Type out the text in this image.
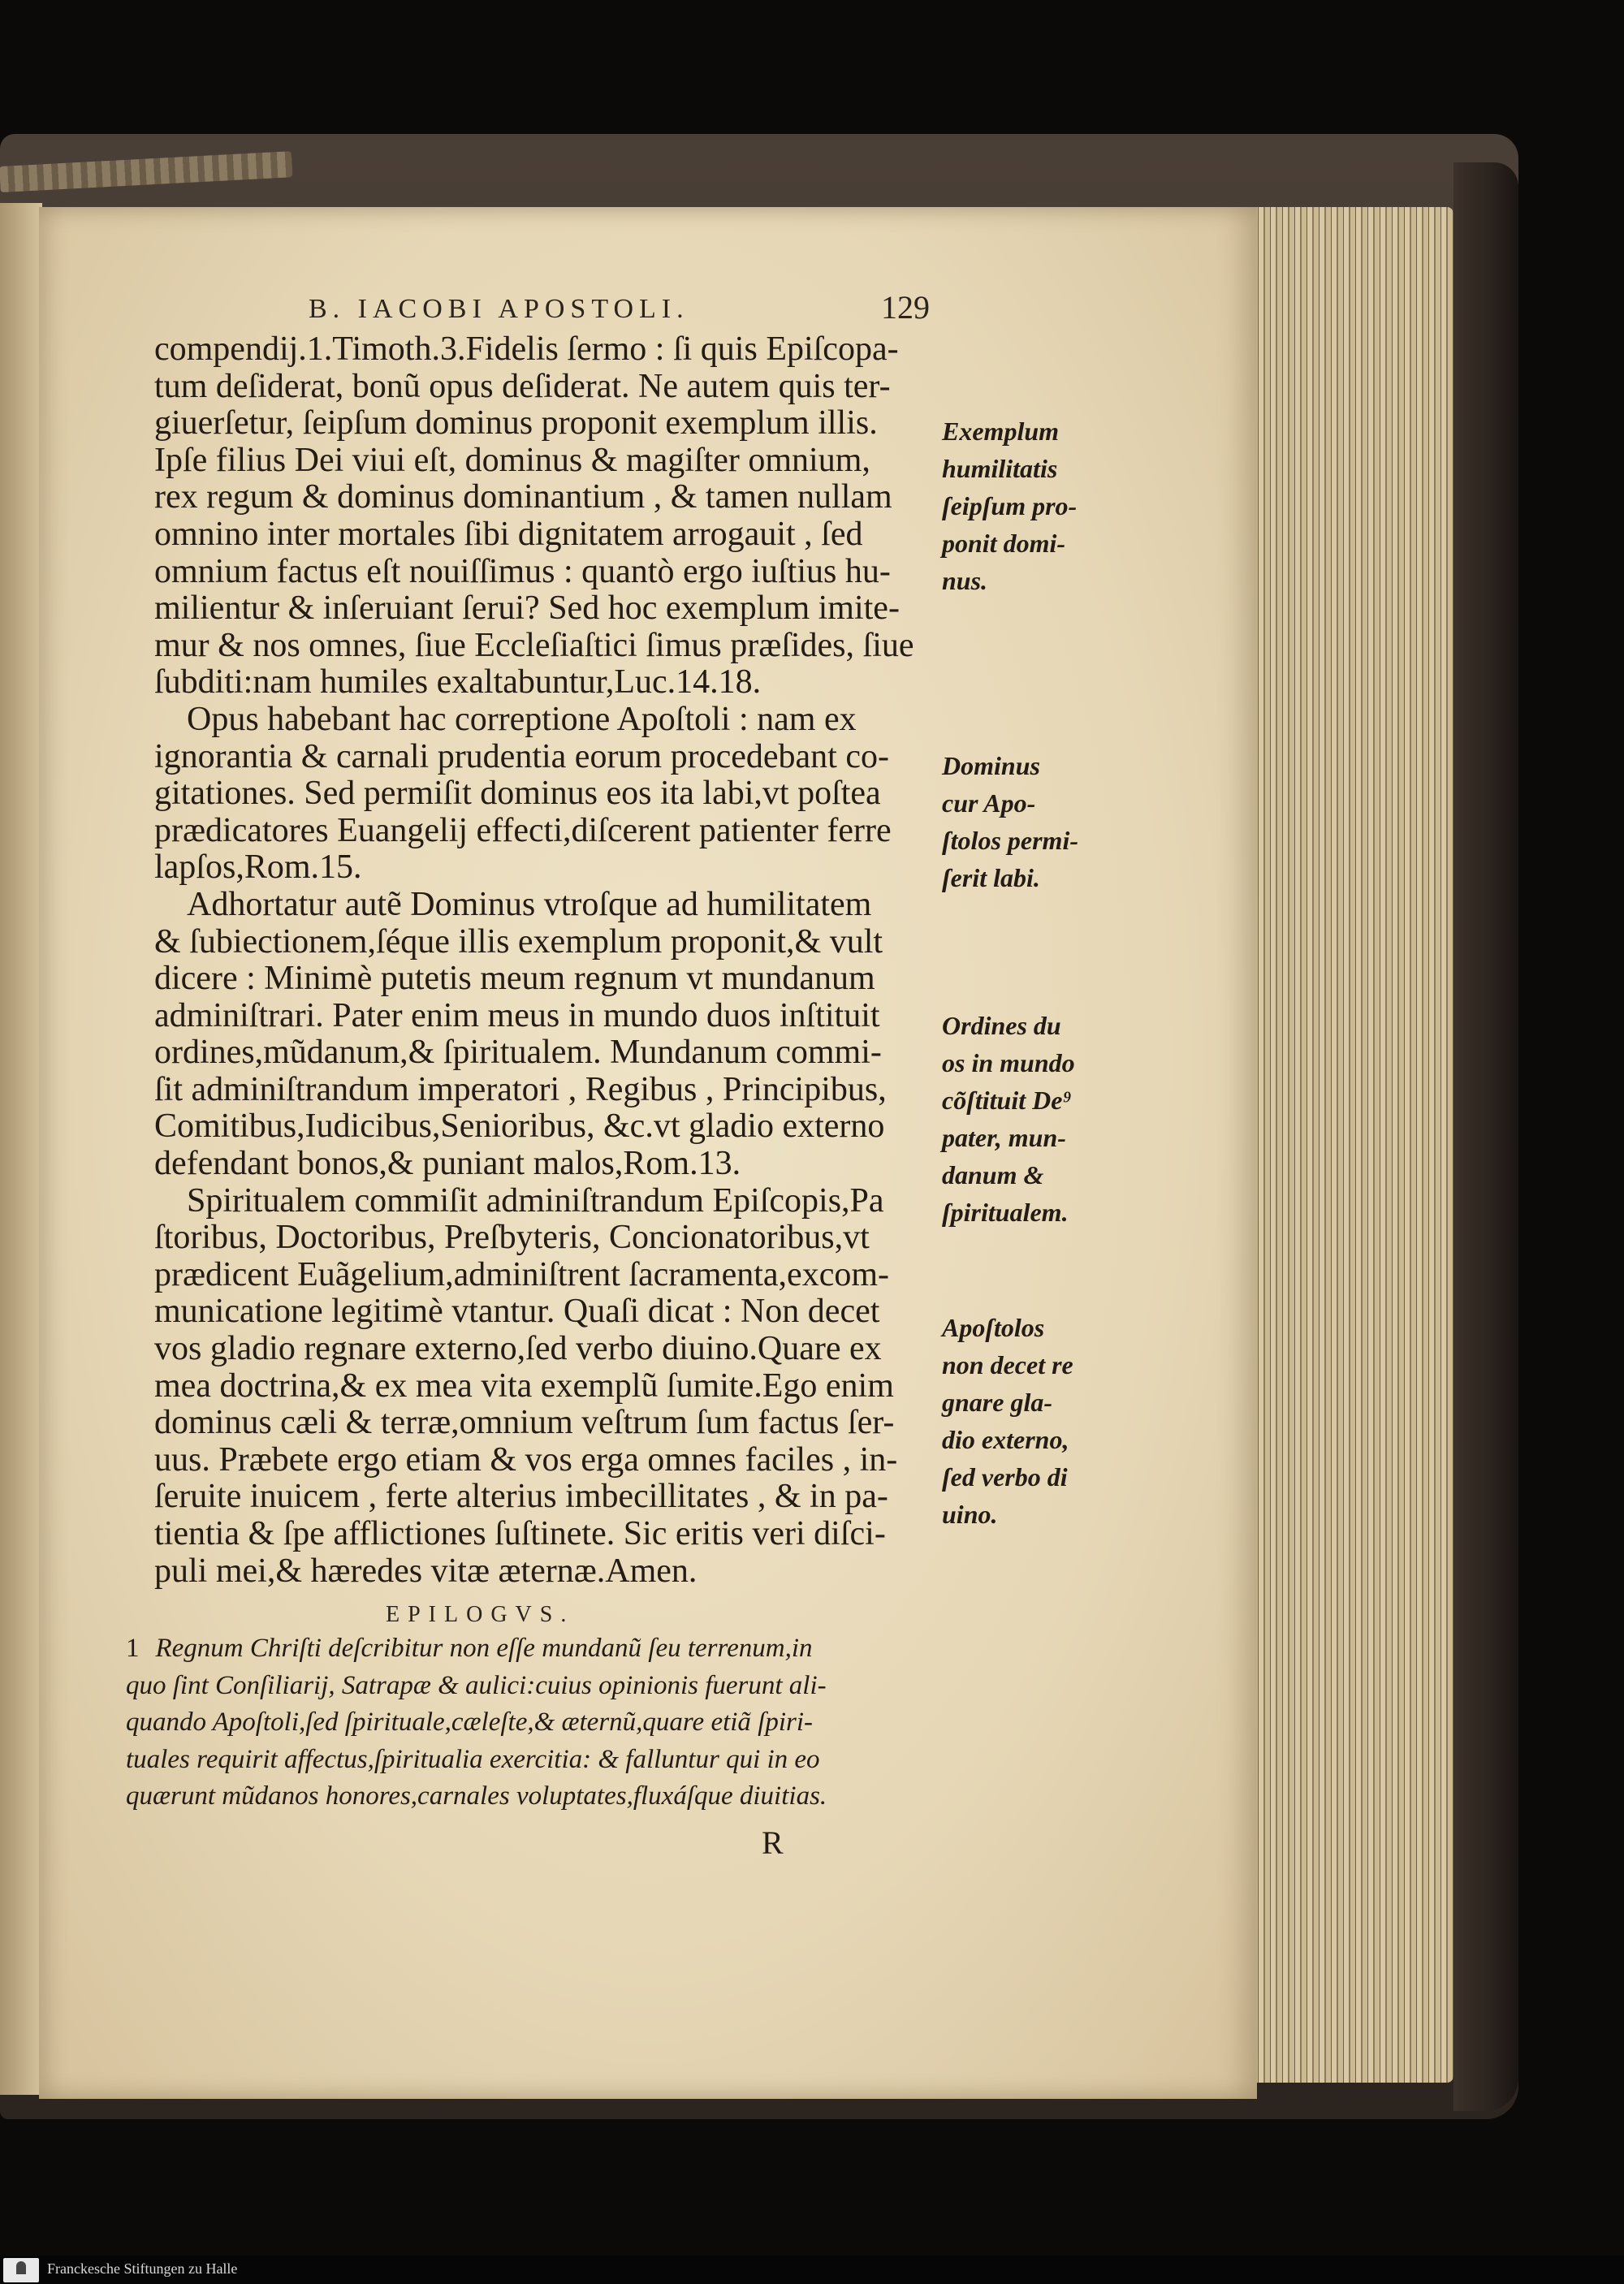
B. IACOBI APOSTOLI.	129
compendij.1.Timoth.3.Fidelis ſermo : ſi quis Epiſcopa-
tum deſiderat, bonũ opus deſiderat. Ne autem quis ter-
giuerſetur, ſeipſum dominus proponit exemplum illis.
Ipſe filius Dei viui eſt, dominus & magiſter omnium,
rex regum & dominus dominantium , & tamen nullam
omnino inter mortales ſibi dignitatem arrogauit , ſed
omnium factus eſt nouiſſimus : quantò ergo iuſtius hu-
milientur & inſeruiant ſerui? Sed hoc exemplum imite-
mur & nos omnes, ſiue Eccleſiaſtici ſimus præſides, ſiue
ſubditi:nam humiles exaltabuntur,Luc.14.18.
Opus habebant hac correptione Apoſtoli : nam ex
ignorantia & carnali prudentia eorum procedebant co-
gitationes. Sed permiſit dominus eos ita labi,vt poſtea
prædicatores Euangelij effecti,diſcerent patienter ferre
lapſos,Rom.15.
Adhortatur autẽ Dominus vtroſque ad humilitatem
& ſubiectionem,ſéque illis exemplum proponit,& vult
dicere : Minimè putetis meum regnum vt mundanum
adminiſtrari. Pater enim meus in mundo duos inſtituit
ordines,mũdanum,& ſpiritualem. Mundanum commi-
ſit adminiſtrandum imperatori , Regibus , Principibus,
Comitibus,Iudicibus,Senioribus, &c.vt gladio externo
defendant bonos,& puniant malos,Rom.13.
Spiritualem commiſit adminiſtrandum Epiſcopis,Pa
ſtoribus, Doctoribus, Preſbyteris, Concionatoribus,vt
prædicent Euãgelium,adminiſtrent ſacramenta,excom-
municatione legitimè vtantur. Quaſi dicat : Non decet
vos gladio regnare externo,ſed verbo diuino.Quare ex
mea doctrina,& ex mea vita exemplũ ſumite.Ego enim
dominus cæli & terræ,omnium veſtrum ſum factus ſer-
uus. Præbete ergo etiam & vos erga omnes faciles , in-
ſeruite inuicem , ferte alterius imbecillitates , & in pa-
tientia & ſpe afflictiones ſuſtinete. Sic eritis veri diſci-
puli mei,& hæredes vitæ æternæ.Amen.
Exemplum
humilitatis
ſeipſum pro-
ponit domi-
nus.
Dominus
cur Apo-
ſtolos permi-
ſerit labi.
Ordines du
os in mundo
cõſtituit De⁹
pater, mun-
danum &
ſpiritualem.
Apoſtolos
non decet re
gnare gla-
dio externo,
ſed verbo di
uino.
EPILOGVS.
1 Regnum Chriſti deſcribitur non eſſe mundanũ ſeu terrenum,in
quo ſint Conſiliarij, Satrapæ & aulici:cuius opinionis fuerunt ali-
quando Apoſtoli,ſed ſpirituale,cæleſte,& æternũ,quare etiã ſpiri-
tuales requirit affectus,ſpiritualia exercitia: & falluntur qui in eo
quærunt mũdanos honores,carnales voluptates,fluxáſque diuitias.
R
Franckesche Stiftungen zu Halle
